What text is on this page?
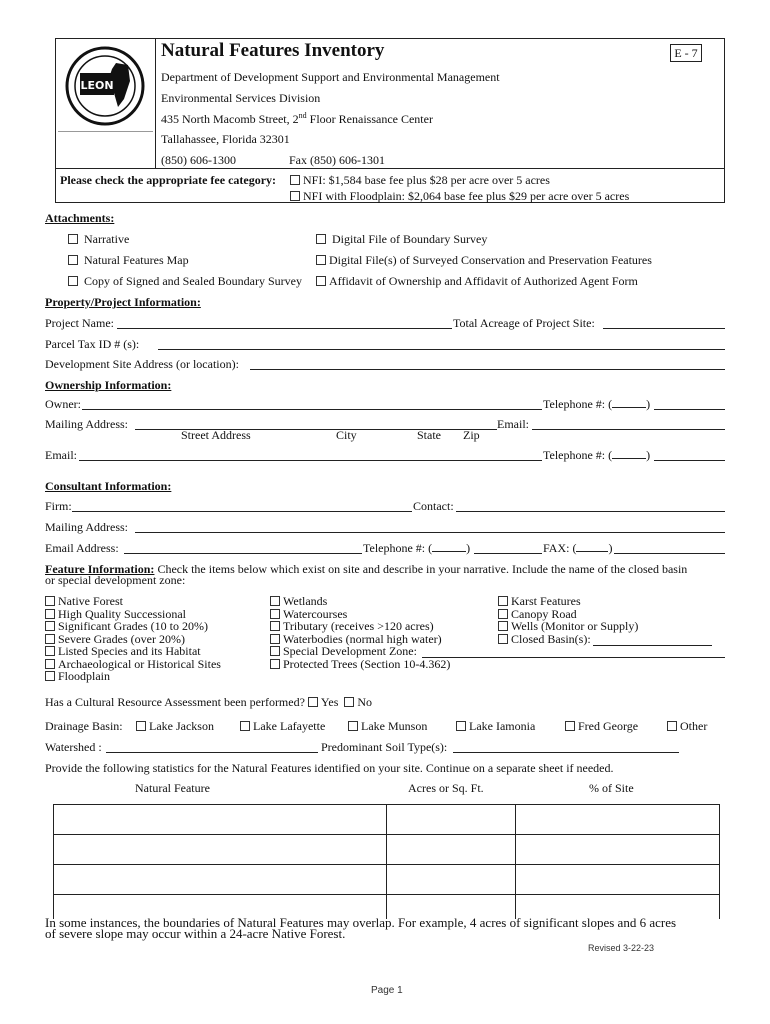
LEON
Natural Features Inventory	E - 7
Department of Development Support and Environmental Management
Environmental Services Division
435 North Macomb Street, 2nd Floor Renaissance Center
Tallahassee, Florida 32301
(850) 606-1300	Fax (850) 606-1301
Please check the appropriate fee category:	NFI: $1,584 base fee plus $28 per acre over 5 acres
NFI with Floodplain: $2,064 base fee plus $29 per acre over 5 acres
Attachments:
Narrative	Digital File of Boundary Survey
Natural Features Map	Digital File(s) of Surveyed Conservation and Preservation Features
Copy of Signed and Sealed Boundary Survey	Affidavit of Ownership and Affidavit of Authorized Agent Form
Property/Project Information:
Project Name:	Total Acreage of Project Site:
Parcel Tax ID # (s):
Development Site Address (or location):
Ownership Information:
Owner:	Telephone #: (	)
Mailing Address:	Email:
Street Address	City	State Zip
Email:	Telephone #: (	)
Consultant Information:
Firm:	Contact:
Mailing Address:
Email Address:	Telephone #: (	)	FAX: (	)
Feature Information: Check the items below which exist on site and describe in your narrative. Include the name of the closed basin
or special development zone:
Native Forest
High Quality Successional
Significant Grades (10 to 20%)
Severe Grades (over 20%)
Listed Species and its Habitat
Archaeological or Historical Sites
Floodplain
Wetlands
Watercourses
Tributary (receives >120 acres)
Waterbodies (normal high water)
Special Development Zone:
Protected Trees (Section 10-4.362)
Karst Features
Canopy Road
Wells (Monitor or Supply)
Closed Basin(s):
Has a Cultural Resource Assessment been performed? Yes No
Drainage Basin:	Lake Jackson	Lake Lafayette	Lake Munson	Lake Iamonia	Fred George	Other
Watershed :	Predominant Soil Type(s):
Provide the following statistics for the Natural Features identified on your site. Continue on a separate sheet if needed.
Natural Feature	Acres or Sq. Ft.	% of Site

In some instances, the boundaries of Natural Features may overlap. For example, 4 acres of significant slopes and 6 acres
of severe slope may occur within a 24-acre Native Forest.
Revised 3-22-23
Page 1
